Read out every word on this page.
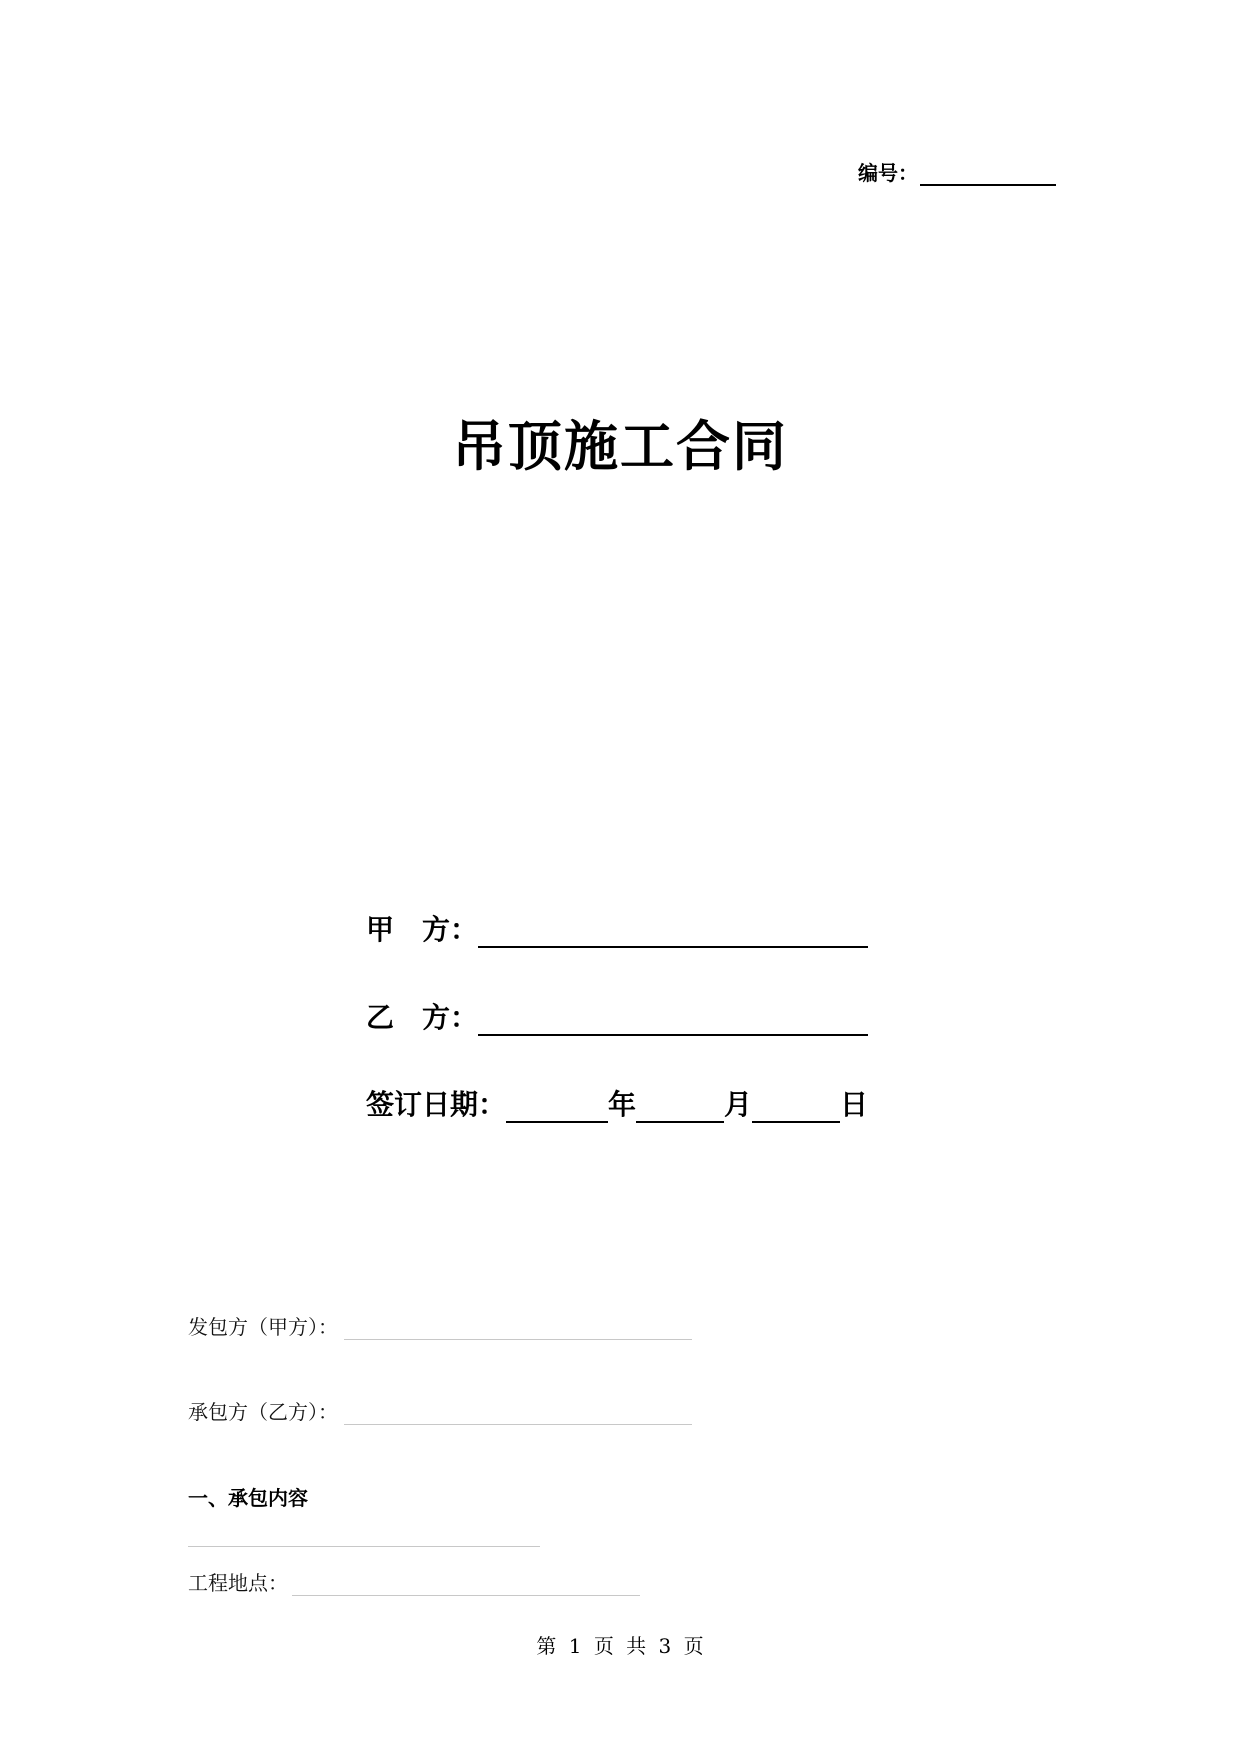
编号：
吊顶施工合同
甲 方：
乙 方：
签订日期：	年	月	日
发包方（甲方）：
承包方（乙方）：
一、承包内容
工程地点：
第 1 页 共 3 页
